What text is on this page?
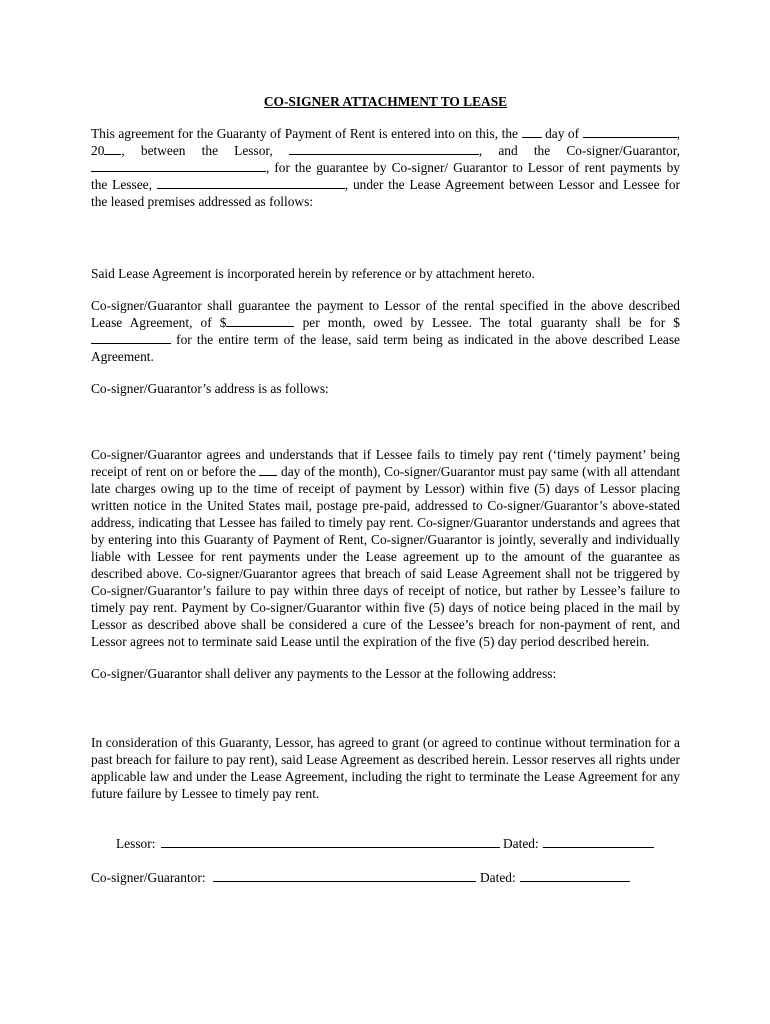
CO-SIGNER ATTACHMENT TO LEASE

This agreement for the Guaranty of Payment of Rent is entered into on this, the day of	, 20 , between the Lessor,	, and the Co-signer/Guarantor, , for the guarantee by Co-signer/ Guarantor to Lessor of rent payments by the Lessee,	, under the Lease Agreement between Lessor and Lessee for the leased premises addressed as follows:

Said Lease Agreement is incorporated herein by reference or by attachment hereto.

Co-signer/Guarantor shall guarantee the payment to Lessor of the rental specified in the above described Lease Agreement, of $	per month, owed by Lessee. The total guaranty shall be for $ for the entire term of the lease, said term being as indicated in the above described Lease Agreement.

Co-signer/Guarantor’s address is as follows:

Co-signer/Guarantor agrees and understands that if Lessee fails to timely pay rent (‘timely payment’ being receipt of rent on or before the day of the month), Co-signer/Guarantor must pay same (with all attendant late charges owing up to the time of receipt of payment by Lessor) within five (5) days of Lessor placing written notice in the United States mail, postage pre-paid, addressed to Co-signer/Guarantor’s above-stated address, indicating that Lessee has failed to timely pay rent. Co-signer/Guarantor understands and agrees that by entering into this Guaranty of Payment of Rent, Co-signer/Guarantor is jointly, severally and individually liable with Lessee for rent payments under the Lease agreement up to the amount of the guarantee as described above. Co-signer/Guarantor agrees that breach of said Lease Agreement shall not be triggered by Co-signer/Guarantor’s failure to pay within three days of receipt of notice, but rather by Lessee’s failure to timely pay rent. Payment by Co-signer/Guarantor within five (5) days of notice being placed in the mail by Lessor as described above shall be considered a cure of the Lessee’s breach for non-payment of rent, and Lessor agrees not to terminate said Lease until the expiration of the five (5) day period described herein.

Co-signer/Guarantor shall deliver any payments to the Lessor at the following address:

In consideration of this Guaranty, Lessor, has agreed to grant (or agreed to continue without termination for a past breach for failure to pay rent), said Lease Agreement as described herein. Lessor reserves all rights under applicable law and under the Lease Agreement, including the right to terminate the Lease Agreement for any future failure by Lessee to timely pay rent.

Lessor:	Dated:
Co-signer/Guarantor:	Dated:
